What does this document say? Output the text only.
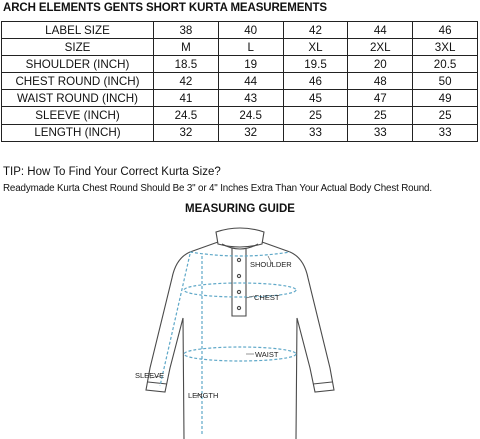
ARCH ELEMENTS GENTS SHORT KURTA MEASUREMENTS
LABEL SIZE	38	40	42	44	46
SIZE	M	L	XL	2XL	3XL
SHOULDER (INCH)	18.5	19	19.5	20	20.5
CHEST ROUND (INCH)	42	44	46	48	50
WAIST ROUND (INCH)	41	43	45	47	49
SLEEVE (INCH)	24.5	24.5	25	25	25
LENGTH (INCH)	32	32	33	33	33
TIP: How To Find Your Correct Kurta Size?
Readymade Kurta Chest Round Should Be 3" or 4" Inches Extra Than Your Actual Body Chest Round.
MEASURING GUIDE
SHOULDER
CHEST
WAIST
SLEEVE
LENGTH
